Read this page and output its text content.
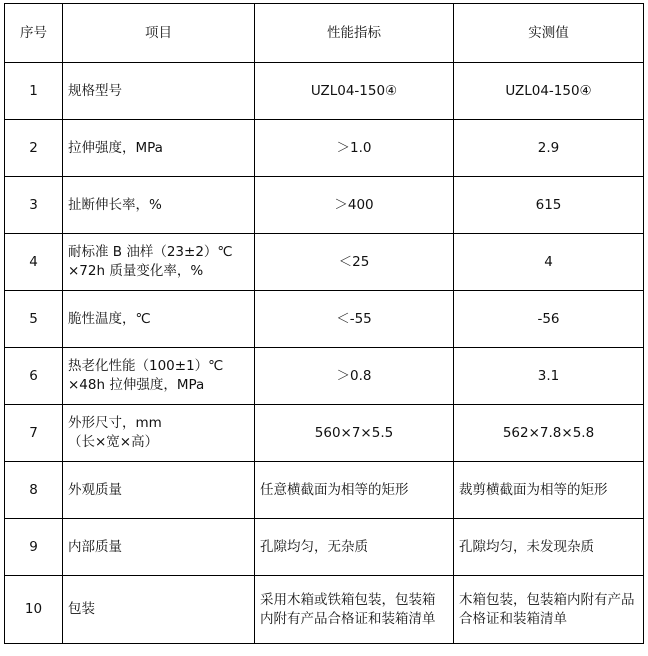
序号	项目	性能指标	实测值
1	规格型号	UZL04-150④	UZL04-150④
2	拉伸强度，MPa	＞1.0	2.9
3	扯断伸长率，%	＞400	615
4	耐标准 B 油样（23±2）℃
×72h 质量变化率，%	＜25	4
5	脆性温度，℃	＜-55	-56
6	热老化性能（100±1）℃
×48h 拉伸强度，MPa	＞0.8	3.1
7	外形尺寸，mm
（长×宽×高）	560×7×5.5	562×7.8×5.8
8	外观质量	任意横截面为相等的矩形	裁剪横截面为相等的矩形
9	内部质量	孔隙均匀，无杂质	孔隙均匀，未发现杂质
10	包装	采用木箱或铁箱包装，包装箱内附有产品合格证和装箱清单	木箱包装，包装箱内附有产品合格证和装箱清单
